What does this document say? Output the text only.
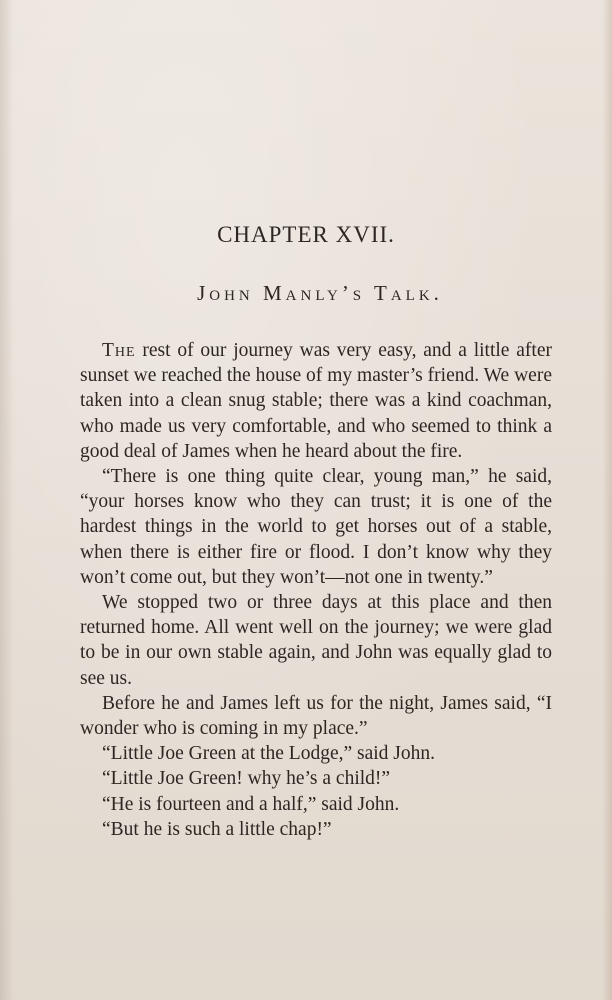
CHAPTER XVII.
John Manly’s Talk.

The rest of our journey was very easy, and a little after sunset we reached the house of my master’s friend. We were taken into a clean snug stable; there was a kind coachman, who made us very comfortable, and who seemed to think a good deal of James when he heard about the fire.

“There is one thing quite clear, young man,” he said, “your horses know who they can trust; it is one of the hardest things in the world to get horses out of a stable, when there is either fire or flood. I don’t know why they won’t come out, but they won’t—not one in twenty.”

We stopped two or three days at this place and then returned home. All went well on the journey; we were glad to be in our own stable again, and John was equally glad to see us.

Before he and James left us for the night, James said, “I wonder who is coming in my place.”

“Little Joe Green at the Lodge,” said John.

“Little Joe Green! why he’s a child!”

“He is fourteen and a half,” said John.

“But he is such a little chap!”
